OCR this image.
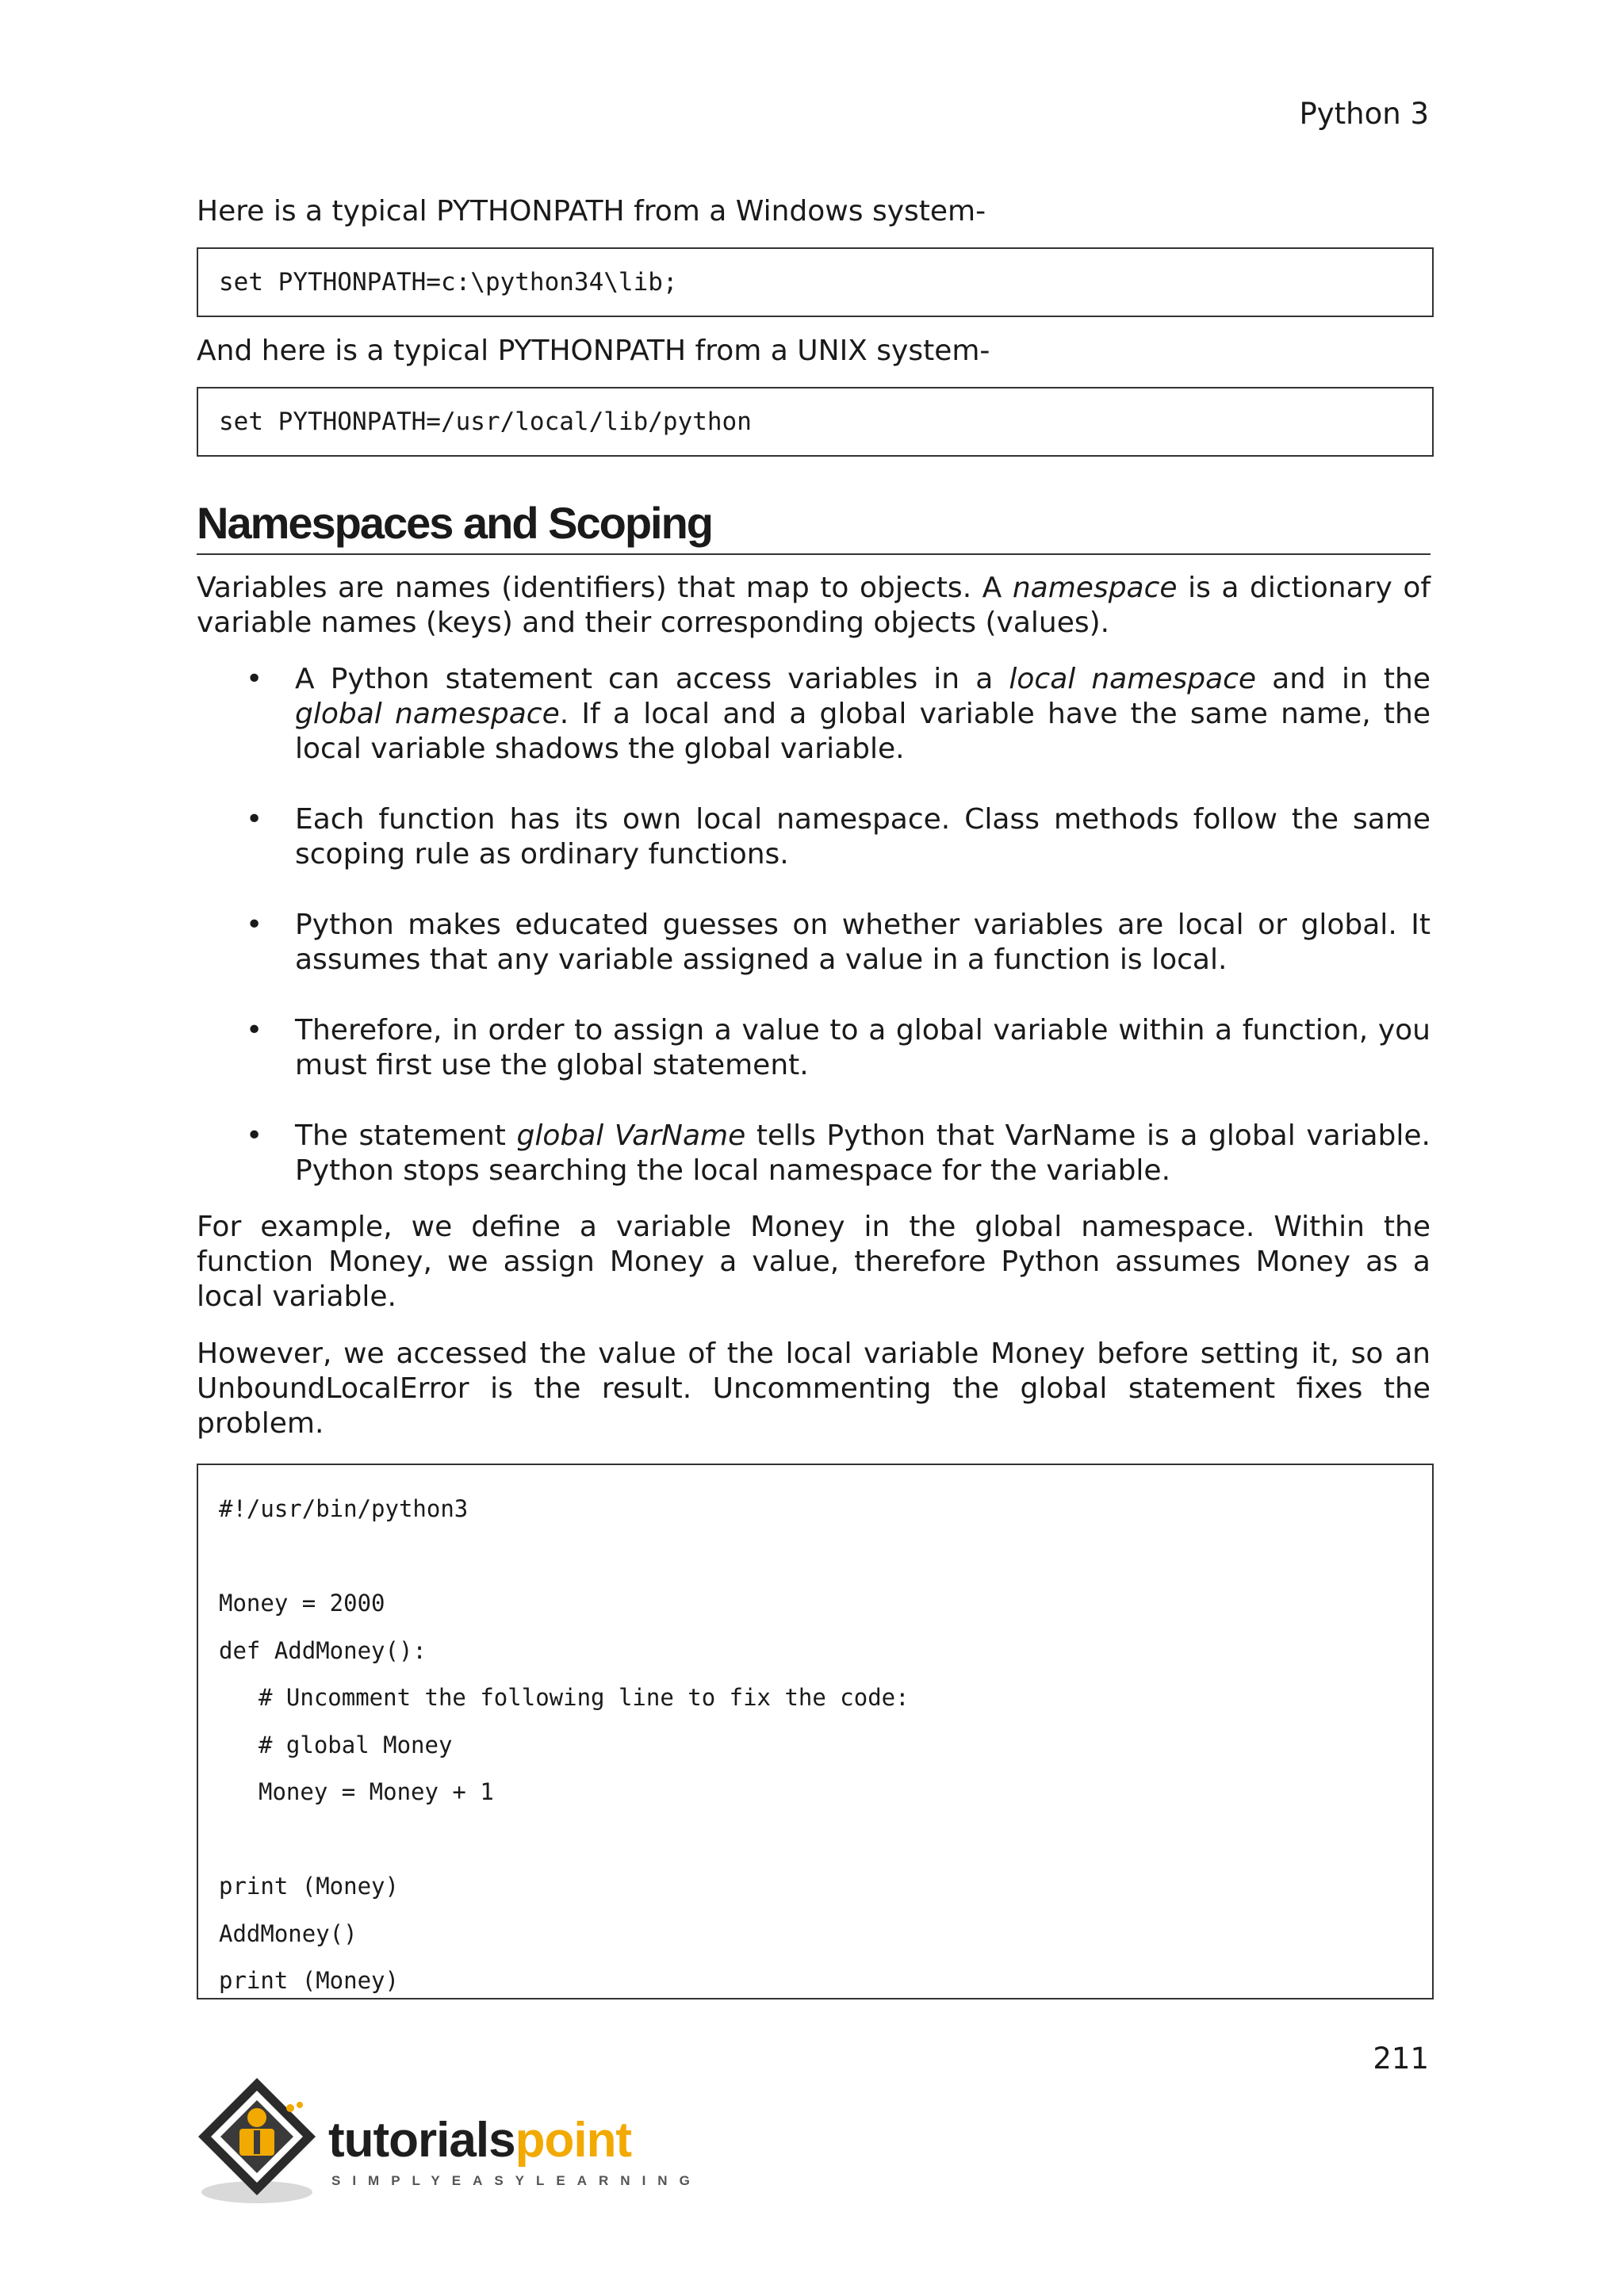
Python 3

Here is a typical PYTHONPATH from a Windows system-

set PYTHONPATH=c:\python34\lib;

And here is a typical PYTHONPATH from a UNIX system-

set PYTHONPATH=/usr/local/lib/python
Namespaces and Scoping

Variables are names (identifiers) that map to objects. A namespace is a dictionary of variable names (keys) and their corresponding objects (values).

• A Python statement can access variables in a local namespace and in the global namespace. If a local and a global variable have the same name, the local variable shadows the global variable.
• Each function has its own local namespace. Class methods follow the same scoping rule as ordinary functions.
• Python makes educated guesses on whether variables are local or global. It assumes that any variable assigned a value in a function is local.
• Therefore, in order to assign a value to a global variable within a function, you must first use the global statement.
• The statement global VarName tells Python that VarName is a global variable. Python stops searching the local namespace for the variable.

For example, we define a variable Money in the global namespace. Within the function Money, we assign Money a value, therefore Python assumes Money as a local variable.

However, we accessed the value of the local variable Money before setting it, so an UnboundLocalError is the result. Uncommenting the global statement fixes the problem.

#!/usr/bin/python3
Money = 2000
def AddMoney():
# Uncomment the following line to fix the code:
# global Money
Money = Money + 1
print (Money)
AddMoney()
print (Money)
211
tutorialspoint
SIMPLYEASYLEARNING
